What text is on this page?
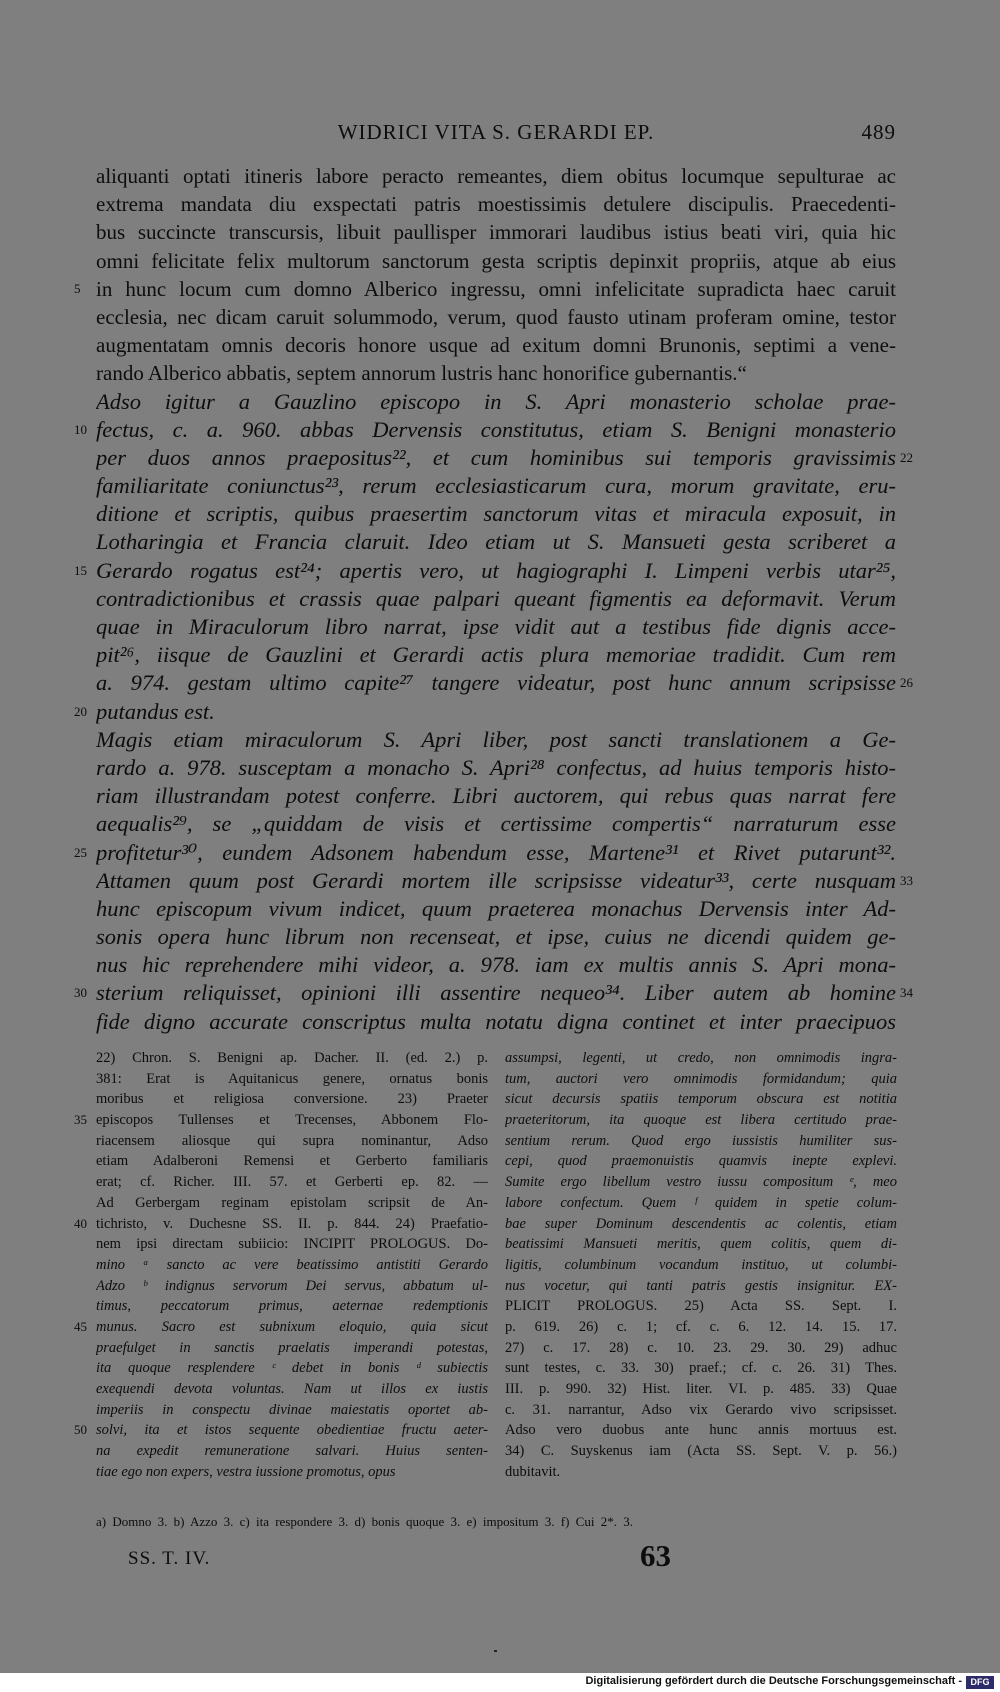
WIDRICI VITA S. GERARDI EP.	489
aliquanti optati itineris labore peracto remeantes, diem obitus locumque sepulturae ac
extrema mandata diu exspectati patris moestissimis detulere discipulis. Praecedenti-
bus succincte transcursis, libuit paullisper immorari laudibus istius beati viri, quia hic
omni felicitate felix multorum sanctorum gesta scriptis depinxit propriis, atque ab eius
5 in hunc locum cum domno Alberico ingressu, omni infelicitate supradicta haec caruit
ecclesia, nec dicam caruit solummodo, verum, quod fausto utinam proferam omine, testor
augmentatam omnis decoris honore usque ad exitum domni Brunonis, septimi a vene-
rando Alberico abbatis, septem annorum lustris hanc honorifice gubernantis.“
Adso igitur a Gauzlino episcopo in S. Apri monasterio scholae prae-
10 fectus, c. a. 960. abbas Dervensis constitutus, etiam S. Benigni monasterio
per duos annos praepositus²², et cum hominibus sui temporis gravissimis 22
familiaritate coniunctus²³, rerum ecclesiasticarum cura, morum gravitate, eru-
ditione et scriptis, quibus praesertim sanctorum vitas et miracula exposuit, in
Lotharingia et Francia claruit. Ideo etiam ut S. Mansueti gesta scriberet a
15 Gerardo rogatus est²⁴; apertis vero, ut hagiographi I. Limpeni verbis utar²⁵,
contradictionibus et crassis quae palpari queant figmentis ea deformavit. Verum
quae in Miraculorum libro narrat, ipse vidit aut a testibus fide dignis acce-
pit²⁶, iisque de Gauzlini et Gerardi actis plura memoriae tradidit. Cum rem
a. 974. gestam ultimo capite²⁷ tangere videatur, post hunc annum scripsisse 26
20 putandus est.
Magis etiam miraculorum S. Apri liber, post sancti translationem a Ge-
rardo a. 978. susceptam a monacho S. Apri²⁸ confectus, ad huius temporis histo-
riam illustrandam potest conferre. Libri auctorem, qui rebus quas narrat fere
aequalis²⁹, se „quiddam de visis et certissime compertis“ narraturum esse
25 profitetur³⁰, eundem Adsonem habendum esse, Martene³¹ et Rivet putarunt³².
Attamen quum post Gerardi mortem ille scripsisse videatur³³, certe nusquam 33
hunc episcopum vivum indicet, quum praeterea monachus Dervensis inter Ad-
sonis opera hunc librum non recenseat, et ipse, cuius ne dicendi quidem ge-
nus hic reprehendere mihi videor, a. 978. iam ex multis annis S. Apri mona-
30 sterium reliquisset, opinioni illi assentire nequeo³⁴. Liber autem ab homine 34
fide digno accurate conscriptus multa notatu digna continet et inter praecipuos
22) Chron. S. Benigni ap. Dacher. II. (ed. 2.) p.
381: Erat is Aquitanicus genere, ornatus bonis
moribus et religiosa conversione. 23) Praeter
35 episcopos Tullenses et Trecenses, Abbonem Flo-
riacensem aliosque qui supra nominantur, Adso
etiam Adalberoni Remensi et Gerberto familiaris
erat; cf. Richer. III. 57. et Gerberti ep. 82. —
Ad Gerbergam reginam epistolam scripsit de An-
40 tichristo, v. Duchesne SS. II. p. 844. 24) Praefatio-
nem ipsi directam subiicio: INCIPIT PROLOGUS. Do-
mino ᵃ sancto ac vere beatissimo antistiti Gerardo
Adzo ᵇ indignus servorum Dei servus, abbatum ul-
timus, peccatorum primus, aeternae redemptionis
45 munus. Sacro est subnixum eloquio, quia sicut
praefulget in sanctis praelatis imperandi potestas,
ita quoque resplendere ᶜ debet in bonis ᵈ subiectis
exequendi devota voluntas. Nam ut illos ex iustis
imperiis in conspectu divinae maiestatis oportet ab-
50 solvi, ita et istos sequente obedientiae fructu aeter-
na expedit remuneratione salvari. Huius senten-
tiae ego non expers, vestra iussione promotus, opus
assumpsi, legenti, ut credo, non omnimodis ingra-
tum, auctori vero omnimodis formidandum; quia
sicut decursis spatiis temporum obscura est notitia
praeteritorum, ita quoque est libera certitudo prae-
sentium rerum. Quod ergo iussistis humiliter sus-
cepi, quod praemonuistis quamvis inepte explevi.
Sumite ergo libellum vestro iussu compositum ᵉ, meo
labore confectum. Quem ᶠ quidem in spetie colum-
bae super Dominum descendentis ac colentis, etiam
beatissimi Mansueti meritis, quem colitis, quem di-
ligitis, columbinum vocandum instituo, ut columbi-
nus vocetur, qui tanti patris gestis insignitur. EX-
PLICIT PROLOGUS. 25) Acta SS. Sept. I.
p. 619. 26) c. 1; cf. c. 6. 12. 14. 15. 17.
27) c. 17. 28) c. 10. 23. 29. 30. 29) adhuc
sunt testes, c. 33. 30) praef.; cf. c. 26. 31) Thes.
III. p. 990. 32) Hist. liter. VI. p. 485. 33) Quae
c. 31. narrantur, Adso vix Gerardo vivo scripsisset.
Adso vero duobus ante hunc annis mortuus est.
34) C. Suyskenus iam (Acta SS. Sept. V. p. 56.)
dubitavit.
a) Domno 3. b) Azzo 3. c) ita respondere 3. d) bonis quoque 3. e) impositum 3. f) Cui 2*. 3.
SS. T. IV.	63
Digitalisierung gefördert durch die Deutsche Forschungsgemeinschaft - DFG
